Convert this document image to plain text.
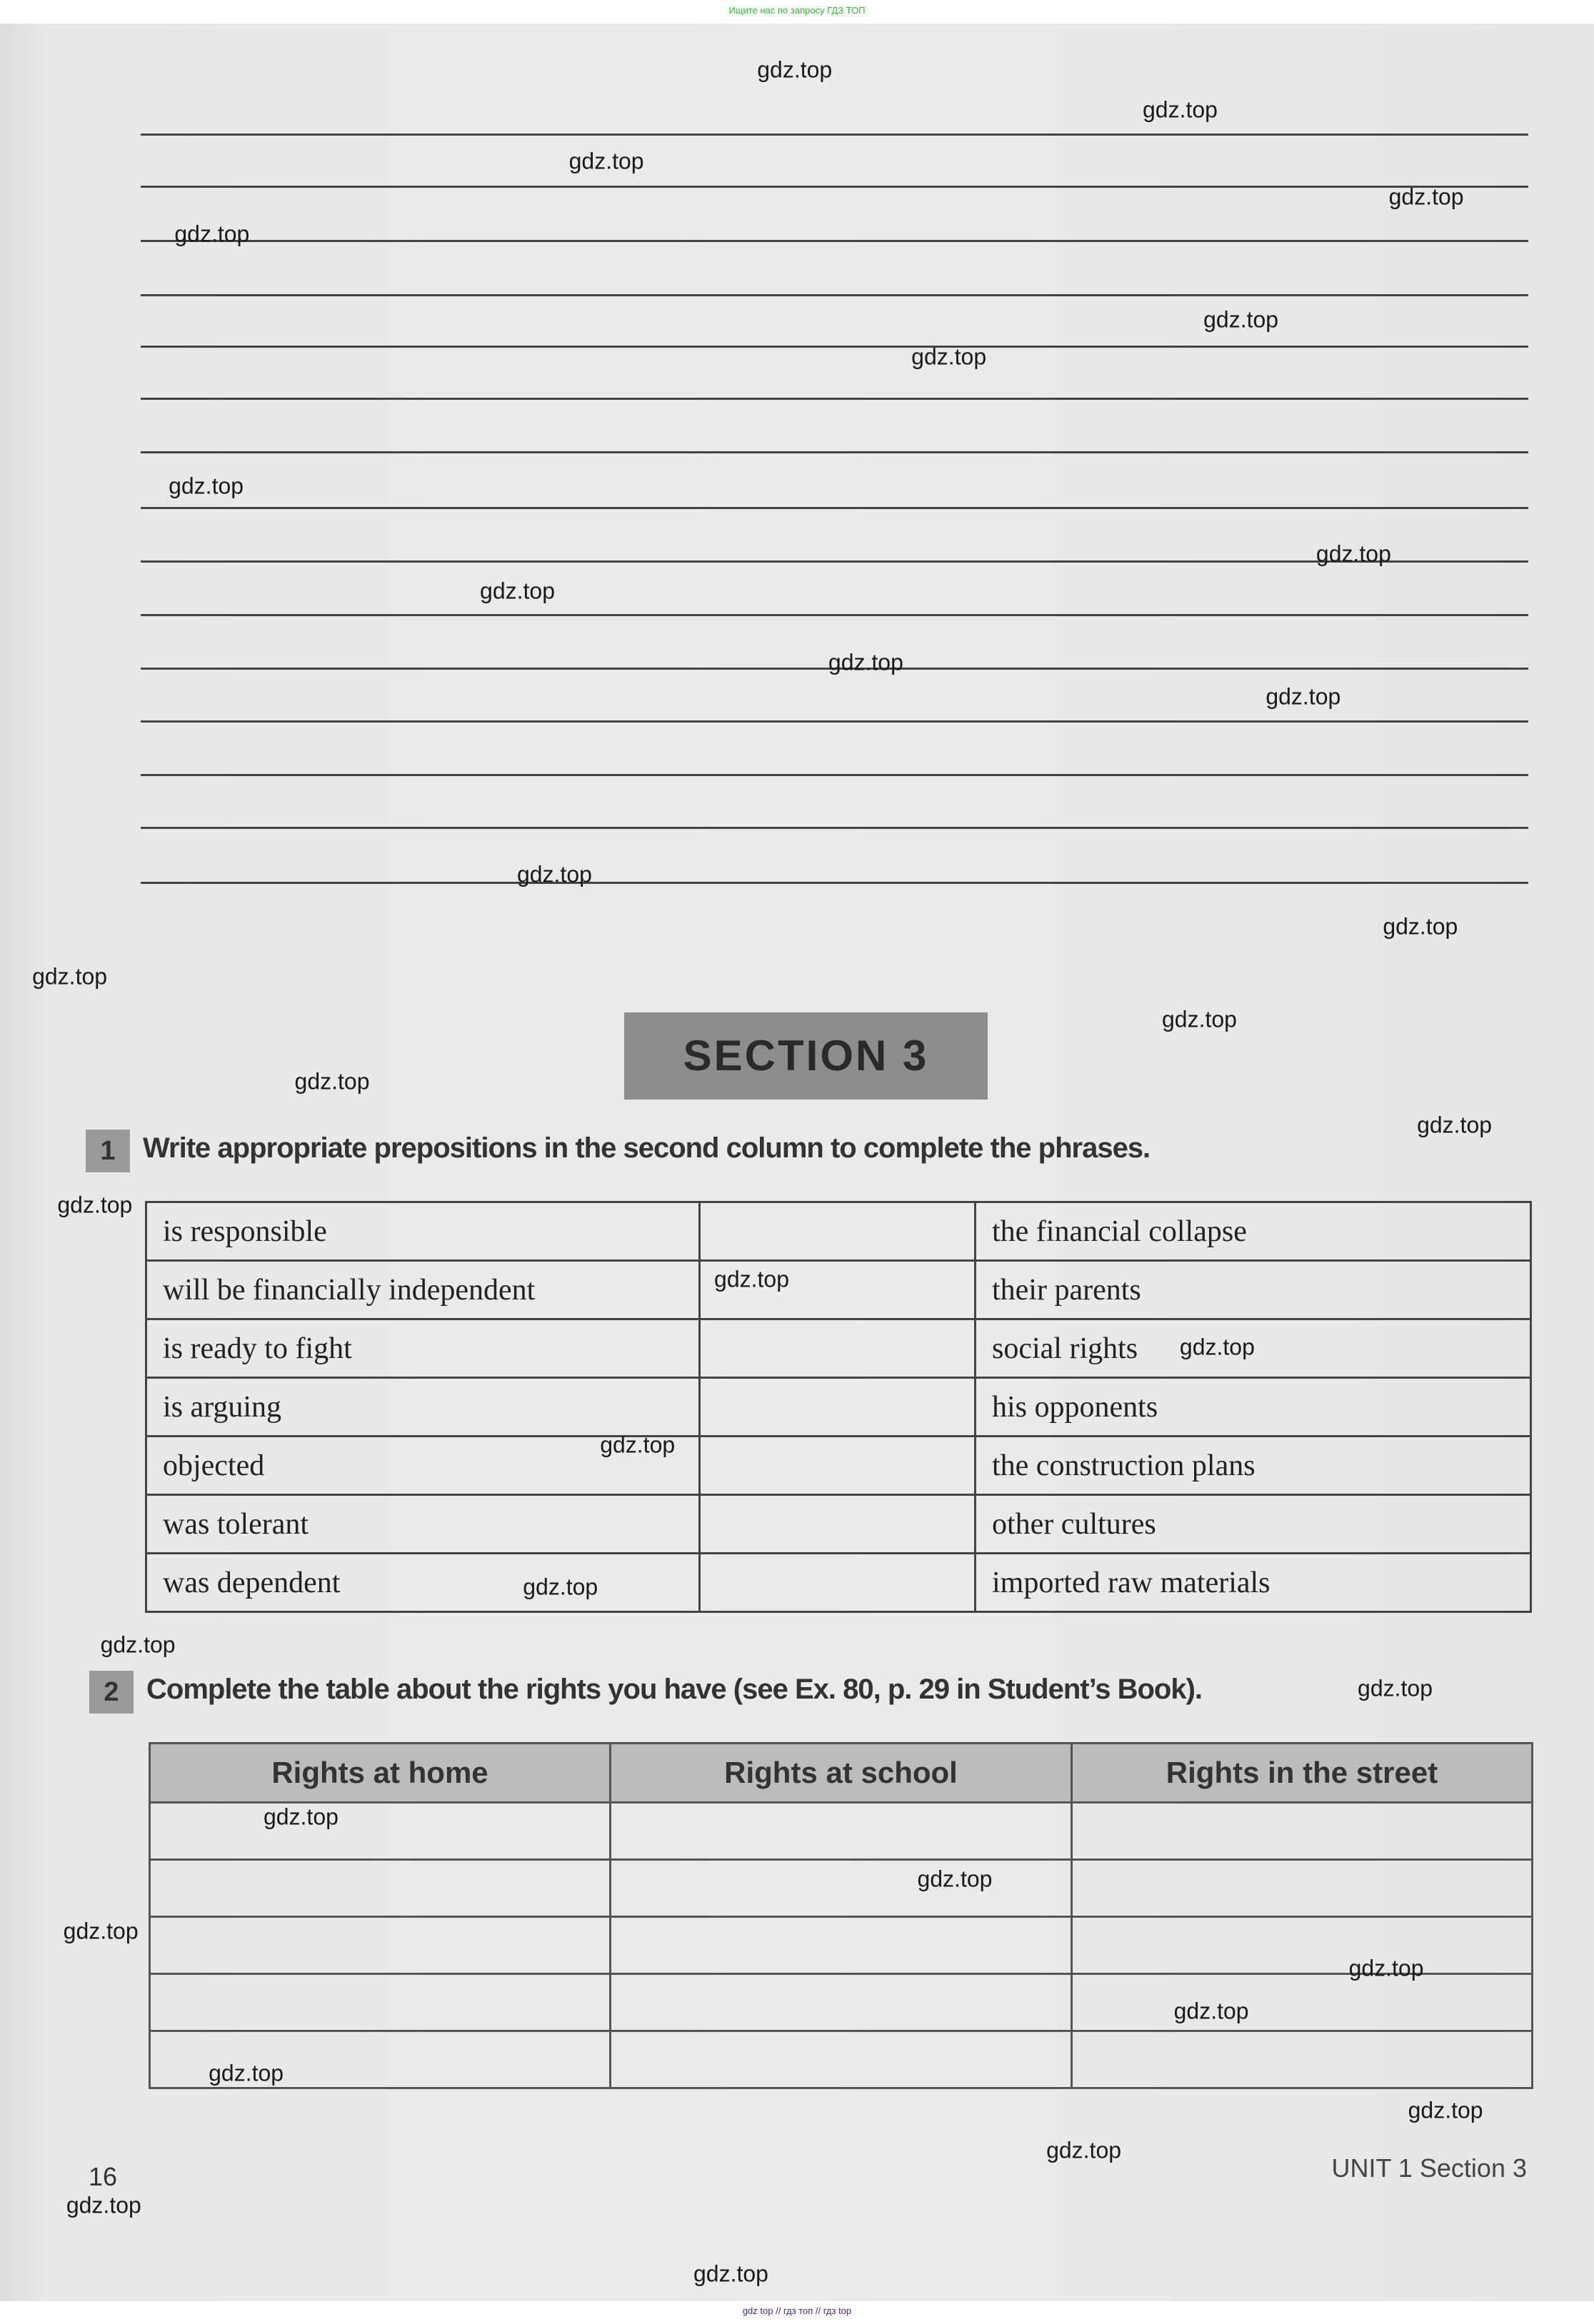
Ищите нас по запросу ГДЗ ТОП
SECTION 3
1 Write appropriate prepositions in the second column to complete the phrases.
is responsible		the financial collapse
will be financially independent		their parents
is ready to fight		social rights
is arguing		his opponents
objected		the construction plans
was tolerant		other cultures
was dependent		imported raw materials
2 Complete the table about the rights you have (see Ex. 80, p. 29 in Student’s Book).
Rights at home	Rights at school	Rights in the street

16	UNIT 1 Section 3
gdz top // гдз топ // гдз top
gdz.top
gdz.top
gdz.top
gdz.top
gdz.top
gdz.top
gdz.top
gdz.top
gdz.top
gdz.top
gdz.top
gdz.top
gdz.top
gdz.top
gdz.top
gdz.top
gdz.top
gdz.top
gdz.top
gdz.top
gdz.top
gdz.top
gdz.top
gdz.top
gdz.top
gdz.top
gdz.top
gdz.top
gdz.top
gdz.top
gdz.top
gdz.top
gdz.top
gdz.top
gdz.top
